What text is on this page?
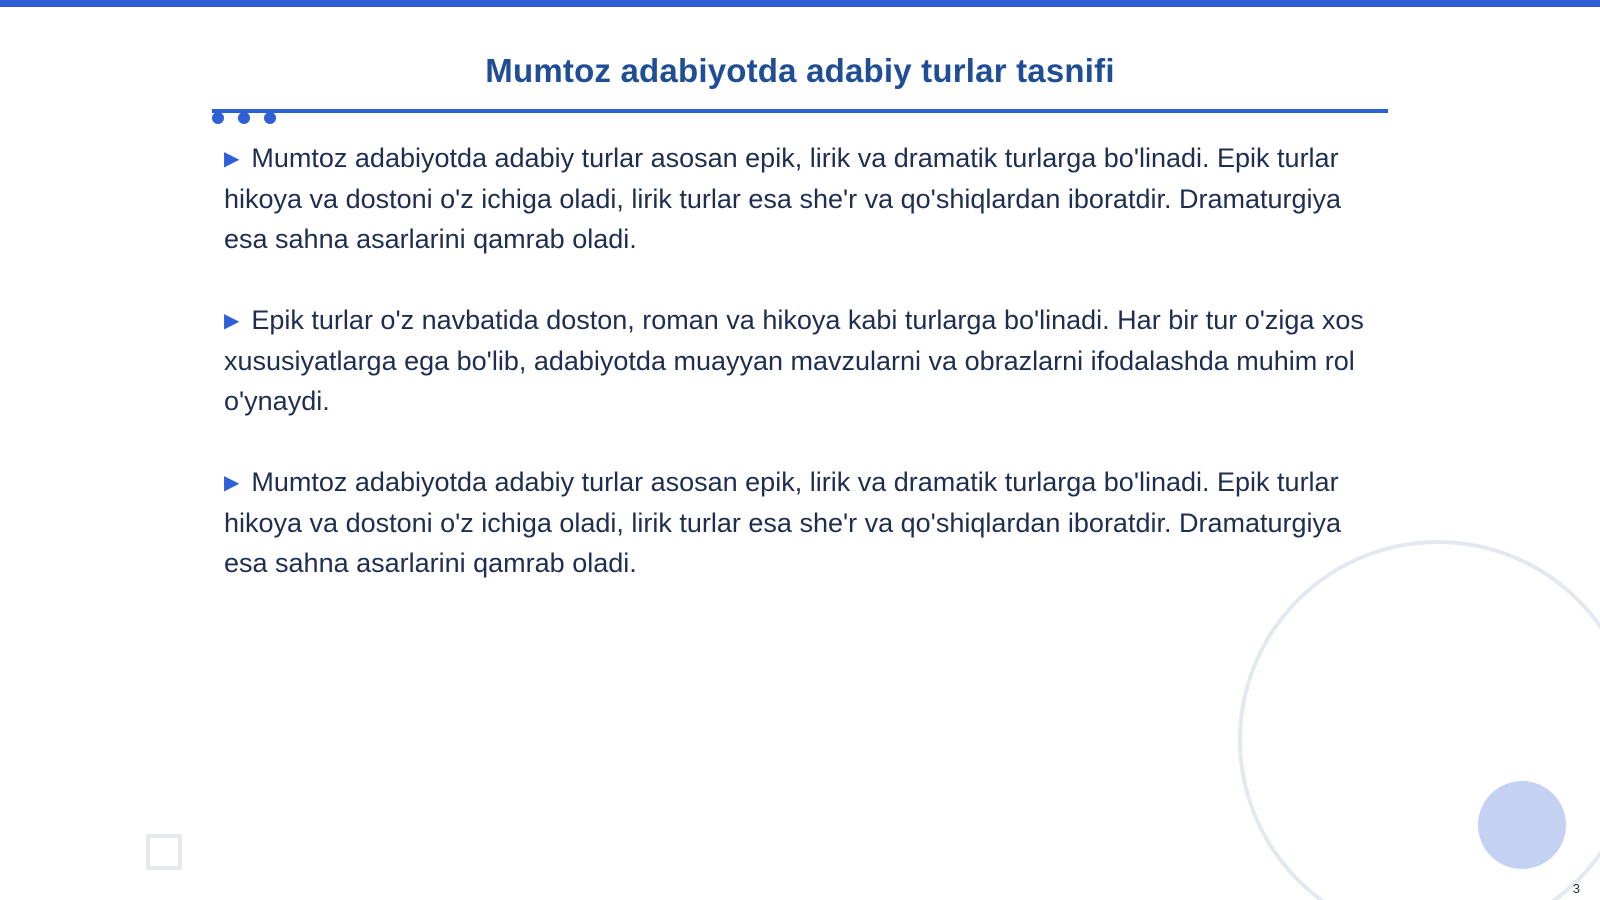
Mumtoz adabiyotda adabiy turlar tasnifi

▶ Mumtoz adabiyotda adabiy turlar asosan epik, lirik va dramatik turlarga bo'linadi. Epik turlar hikoya va dostoni o'z ichiga oladi, lirik turlar esa she'r va qo'shiqlardan iboratdir. Dramaturgiya esa sahna asarlarini qamrab oladi.

▶ Epik turlar o'z navbatida doston, roman va hikoya kabi turlarga bo'linadi. Har bir tur o'ziga xos xususiyatlarga ega bo'lib, adabiyotda muayyan mavzularni va obrazlarni ifodalashda muhim rol o'ynaydi.

▶ Mumtoz adabiyotda adabiy turlar asosan epik, lirik va dramatik turlarga bo'linadi. Epik turlar hikoya va dostoni o'z ichiga oladi, lirik turlar esa she'r va qo'shiqlardan iboratdir. Dramaturgiya esa sahna asarlarini qamrab oladi.

3
